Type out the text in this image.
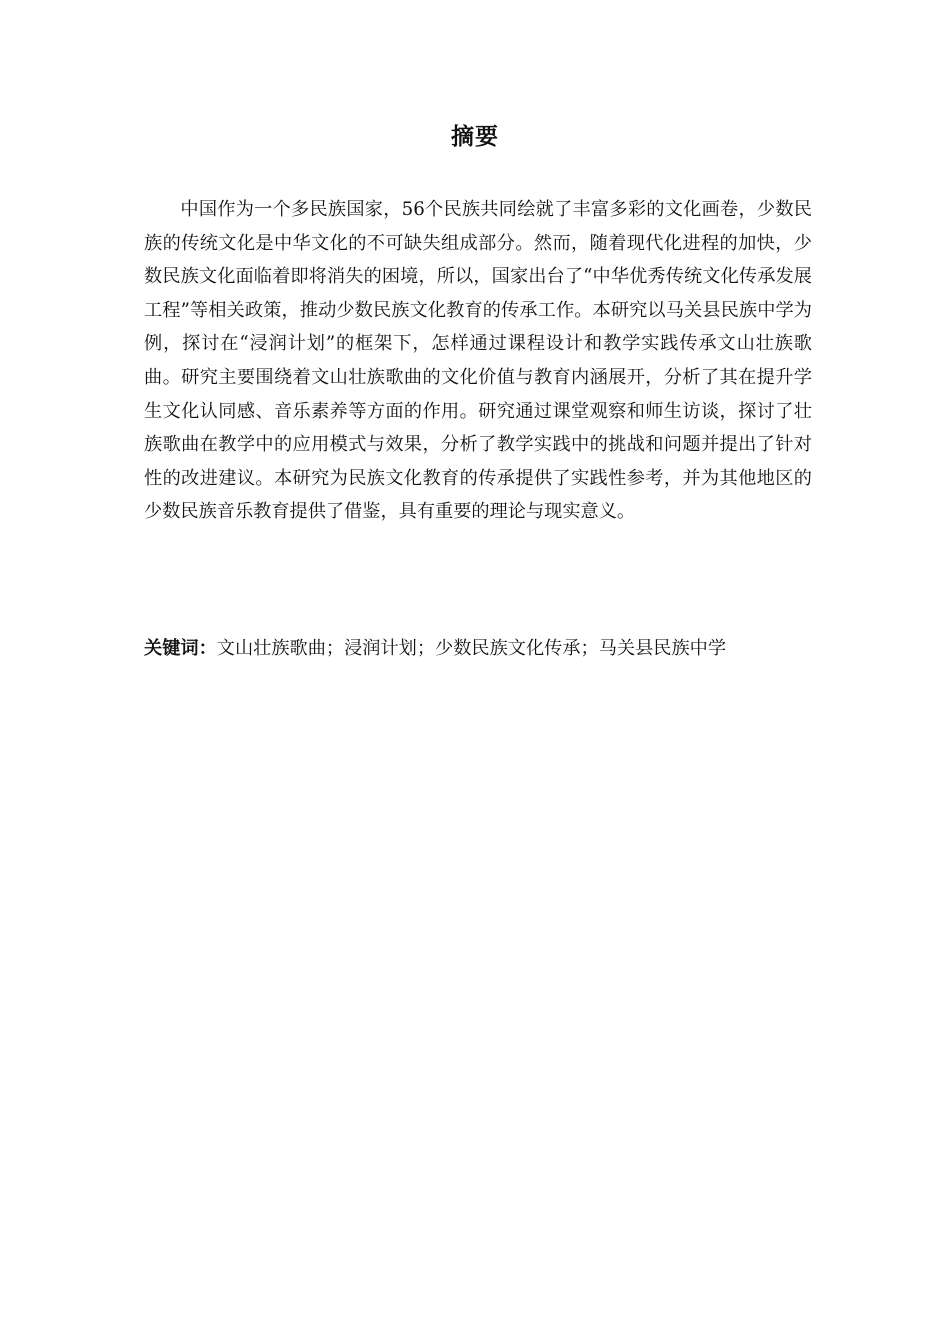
摘要

中国作为一个多民族国家，56个民族共同绘就了丰富多彩的文化画卷，少数民族的传统文化是中华文化的不可缺失组成部分。然而，随着现代化进程的加快，少数民族文化面临着即将消失的困境，所以，国家出台了“中华优秀传统文化传承发展工程”等相关政策，推动少数民族文化教育的传承工作。本研究以马关县民族中学为例，探讨在“浸润计划”的框架下，怎样通过课程设计和教学实践传承文山壮族歌曲。研究主要围绕着文山壮族歌曲的文化价值与教育内涵展开，分析了其在提升学生文化认同感、音乐素养等方面的作用。研究通过课堂观察和师生访谈，探讨了壮族歌曲在教学中的应用模式与效果，分析了教学实践中的挑战和问题并提出了针对性的改进建议。本研究为民族文化教育的传承提供了实践性参考，并为其他地区的少数民族音乐教育提供了借鉴，具有重要的理论与现实意义。

关键词：文山壮族歌曲；浸润计划；少数民族文化传承；马关县民族中学
